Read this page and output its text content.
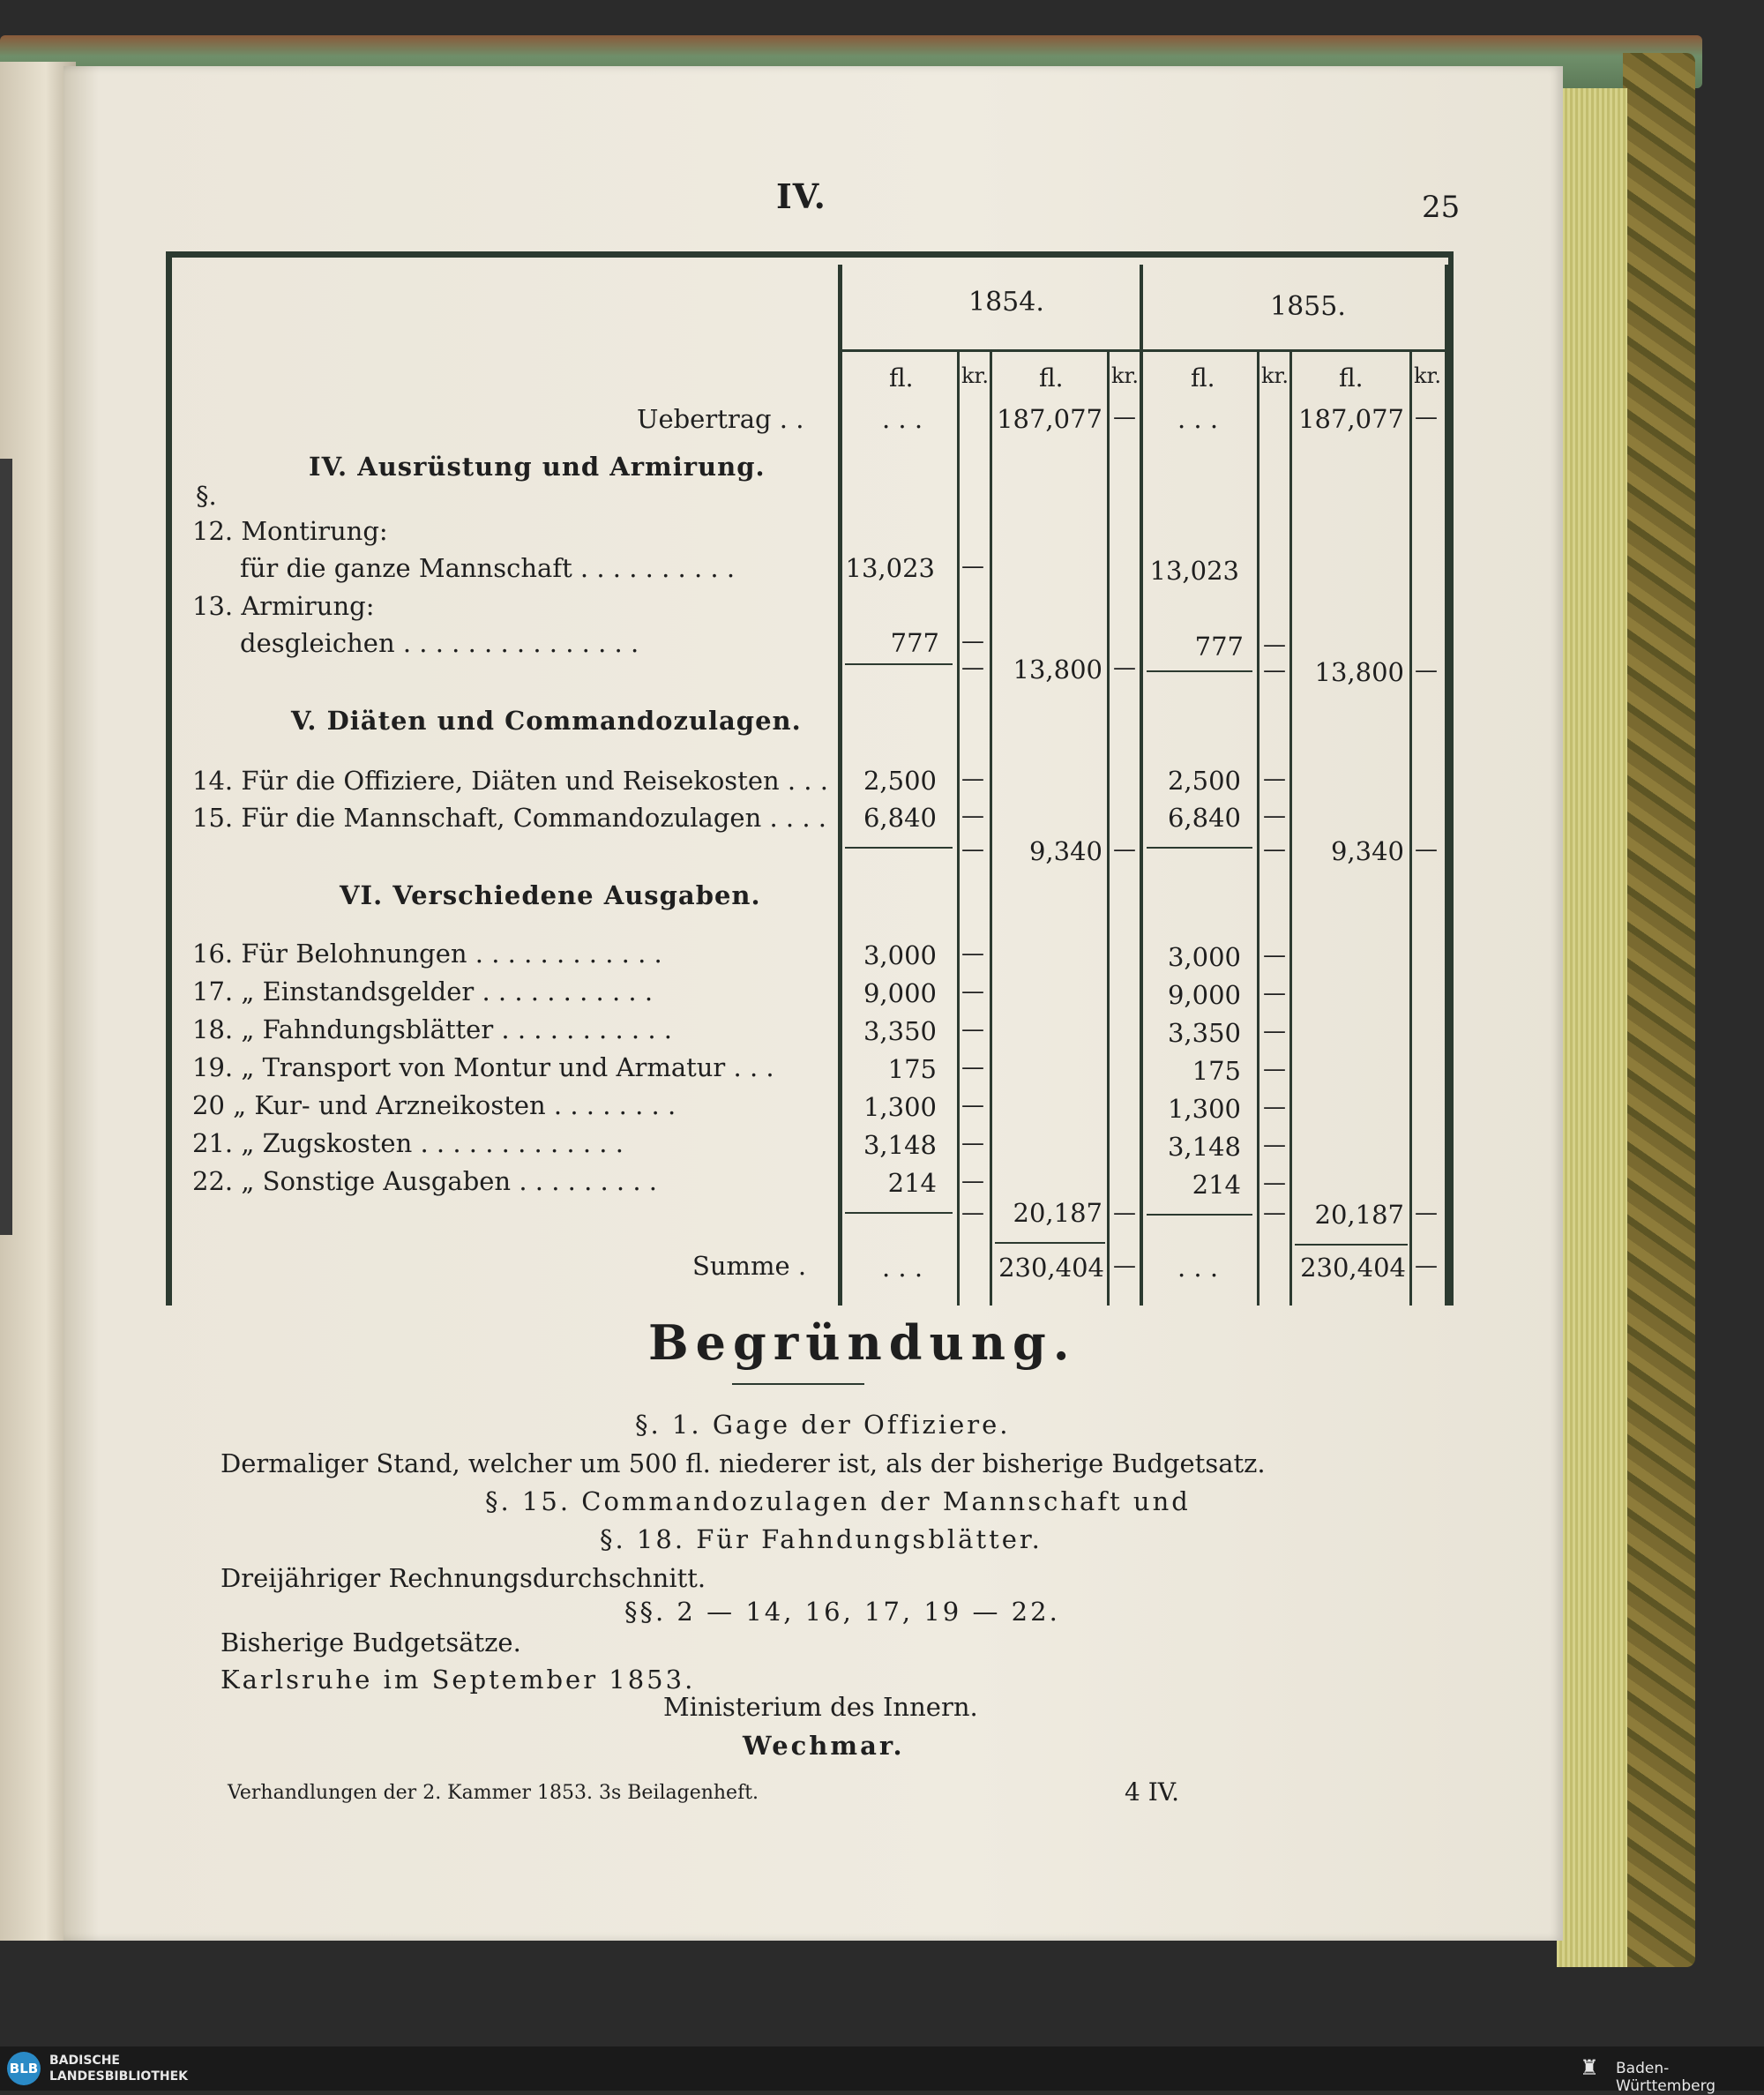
IV.	25
1854.	1855.
fl. kr. fl. kr. fl. kr. fl. kr.
Uebertrag . .	. . .	187,077 — . . .	187,077 —
IV. Ausrüstung und Armirung.
§.
12. Montirung:
für die ganze Mannschaft . . . . . . . . . .	13,023 —	13,023
13. Armirung:
desgleichen . . . . . . . . . . . . . . .	777 —	777 —
—	13,800 —	—	13,800 —
V. Diäten und Commandozulagen.
14. Für die Offiziere, Diäten und Reisekosten . . .	2,500 —	2,500 —
15. Für die Mannschaft, Commandozulagen . . . .	6,840 —	6,840 —
—	9,340 —	—	9,340 —
VI. Verschiedene Ausgaben.
16. Für Belohnungen . . . . . . . . . . . .	3,000 —	3,000 —
17. „ Einstandsgelder . . . . . . . . . . .	9,000 —	9,000 —
18. „ Fahndungsblätter . . . . . . . . . . .	3,350 —	3,350 —
19. „ Transport von Montur und Armatur . . .	175 —	175 —
20 „ Kur- und Arzneikosten . . . . . . . .	1,300 —	1,300 —
21. „ Zugskosten . . . . . . . . . . . . .	3,148 —	3,148 —
22. „ Sonstige Ausgaben . . . . . . . . .	214 —	214 —
—	20,187 —	—	20,187 —
Summe .	. . .	230,404 — . . .	230,404 —
Begründung.
§. 1. Gage der Offiziere.
Dermaliger Stand, welcher um 500 fl. niederer ist, als der bisherige Budgetsatz.
§. 15. Commandozulagen der Mannschaft und
§. 18. Für Fahndungsblätter.
Dreijähriger Rechnungsdurchschnitt.
§§. 2 — 14, 16, 17, 19 — 22.
Bisherige Budgetsätze.
Karlsruhe im September 1853.
Ministerium des Innern.
Wechmar.
Verhandlungen der 2. Kammer 1853. 3s Beilagenheft.	4 IV.
BLB BADISCHE
LANDESBIBLIOTHEK	♜ Baden-Württemberg
